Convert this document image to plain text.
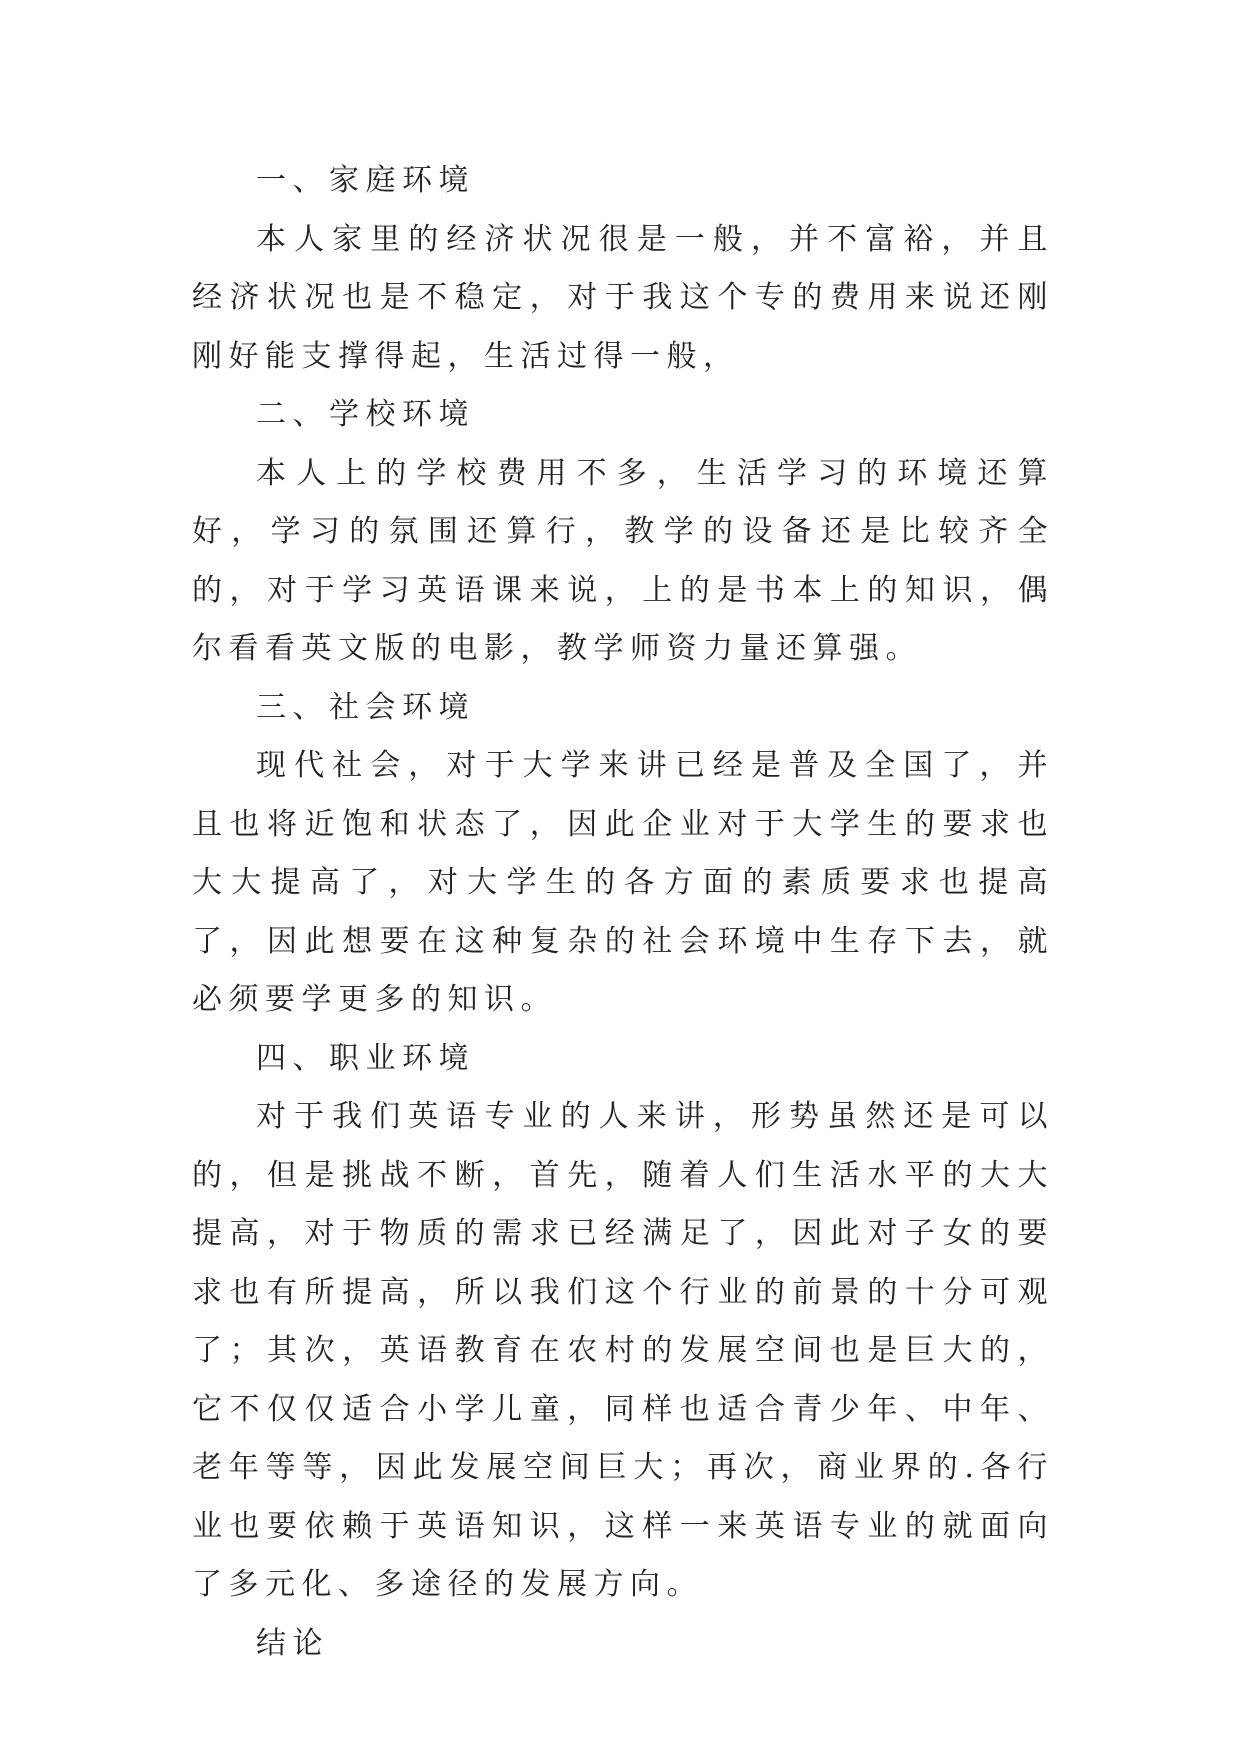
一、家庭环境

本人家里的经济状况很是一般，并不富裕，并且经济状况也是不稳定，对于我这个专的费用来说还刚刚好能支撑得起，生活过得一般，

二、学校环境

本人上的学校费用不多，生活学习的环境还算好，学习的氛围还算行，教学的设备还是比较齐全的，对于学习英语课来说，上的是书本上的知识，偶尔看看英文版的电影，教学师资力量还算强。

三、社会环境

现代社会，对于大学来讲已经是普及全国了，并且也将近饱和状态了，因此企业对于大学生的要求也大大提高了，对大学生的各方面的素质要求也提高了，因此想要在这种复杂的社会环境中生存下去，就必须要学更多的知识。

四、职业环境

对于我们英语专业的人来讲，形势虽然还是可以的，但是挑战不断，首先，随着人们生活水平的大大提高，对于物质的需求已经满足了，因此对子女的要求也有所提高，所以我们这个行业的前景的十分可观了；其次，英语教育在农村的发展空间也是巨大的，它不仅仅适合小学儿童，同样也适合青少年、中年、老年等等，因此发展空间巨大；再次，商业界的.各行业也要依赖于英语知识，这样一来英语专业的就面向了多元化、多途径的发展方向。

结论
